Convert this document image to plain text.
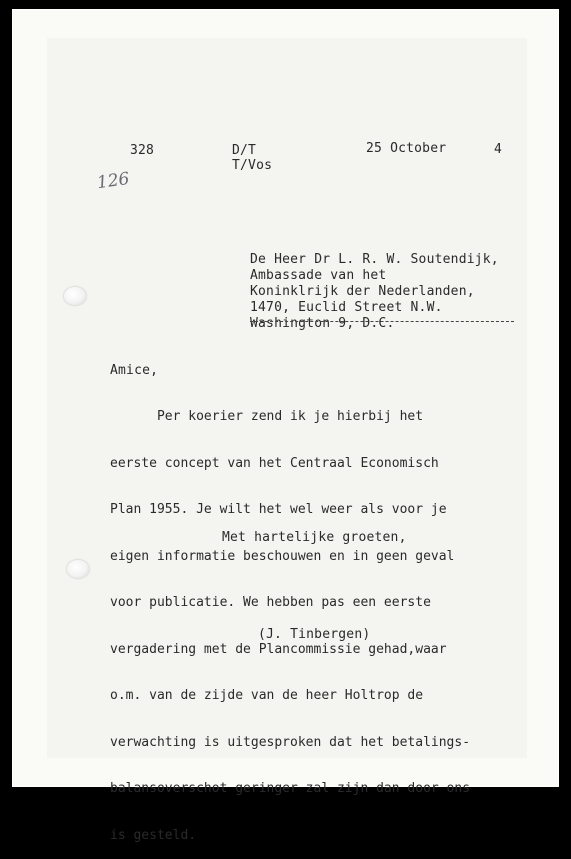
328	D/T
T/Vos
25 October	4
126
De Heer Dr L. R. W. Soutendijk,
Ambassade van het
Koninklrijk der Nederlanden,
1470, Euclid Street N.W.
Washington 9, D.C.
Amice,

Per koerier zend ik je hierbij het

eerste concept van het Centraal Economisch

Plan 1955. Je wilt het wel weer als voor je

eigen informatie beschouwen en in geen geval

voor publicatie. We hebben pas een eerste

vergadering met de Plancommissie gehad,waar

o.m. van de zijde van de heer Holtrop de

verwachting is uitgesproken dat het betalings-

balansoverschot geringer zal zijn dan door ons

is gesteld.

Met hartelijke groeten,
(J. Tinbergen)
